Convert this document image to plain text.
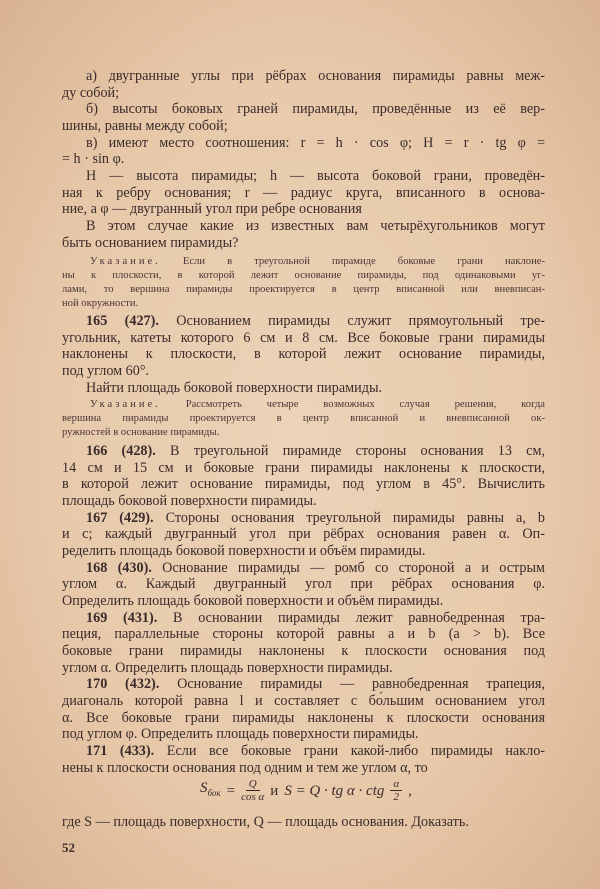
а) двугранные углы при рёбрах основания пирамиды равны меж-
ду собой;
б) высоты боковых граней пирамиды, проведённые из её вер-
шины, равны между собой;
в) имеют место соотношения: r = h · cos φ; H = r · tg φ =
= h · sin φ.
H — высота пирамиды; h — высота боковой грани, проведён-
ная к ребру основания; r — радиус круга, вписанного в основа-
ние, а φ — двугранный угол при ребре основания
В этом случае какие из известных вам четырёхугольников могут
быть основанием пирамиды?
Указание. Если в треугольной пирамиде боковые грани наклоне-
ны к плоскости, в которой лежит основание пирамиды, под одинаковыми уг-
лами, то вершина пирамиды проектируется в центр вписанной или вневписан-
ной окружности.
165 (427). Основанием пирамиды служит прямоугольный тре-
угольник, катеты которого 6 см и 8 см. Все боковые грани пирамиды
наклонены к плоскости, в которой лежит основание пирамиды,
под углом 60°.
Найти площадь боковой поверхности пирамиды.
Указание. Рассмотреть четыре возможных случая решения, когда
вершина пирамиды проектируется в центр вписанной и вневписанной ок-
ружностей в основание пирамиды.
166 (428). В треугольной пирамиде стороны основания 13 см,
14 см и 15 см и боковые грани пирамиды наклонены к плоскости,
в которой лежит основание пирамиды, под углом в 45°. Вычислить
площадь боковой поверхности пирамиды.
167 (429). Стороны основания треугольной пирамиды равны a, b
и c; каждый двугранный угол при рёбрах основания равен α. Оп-
ределить площадь боковой поверхности и объём пирамиды.
168 (430). Основание пирамиды — ромб со стороной a и острым
углом α. Каждый двугранный угол при рёбрах основания φ.
Определить площадь боковой поверхности и объём пирамиды.
169 (431). В основании пирамиды лежит равнобедренная тра-
пеция, параллельные стороны которой равны a и b (a > b). Все
боковые грани пирамиды наклонены к плоскости основания под
углом α. Определить площадь поверхности пирамиды.
170 (432). Основание пирамиды — равнобедренная трапеция,
диагональ которой равна l и составляет с бо́льшим основанием угол
α. Все боковые грани пирамиды наклонены к плоскости основания
под углом φ. Определить площадь поверхности пирамиды.
171 (433). Если все боковые грани какой-либо пирамиды накло-
нены к плоскости основания под одним и тем же углом α, то
где S — площадь поверхности, Q — площадь основания. Доказать.
$S_{бок} = \frac{Q}{\text{cos α}}$ и S = Q · tg α · ctg $\frac{\alpha}{2}$ ,
52
